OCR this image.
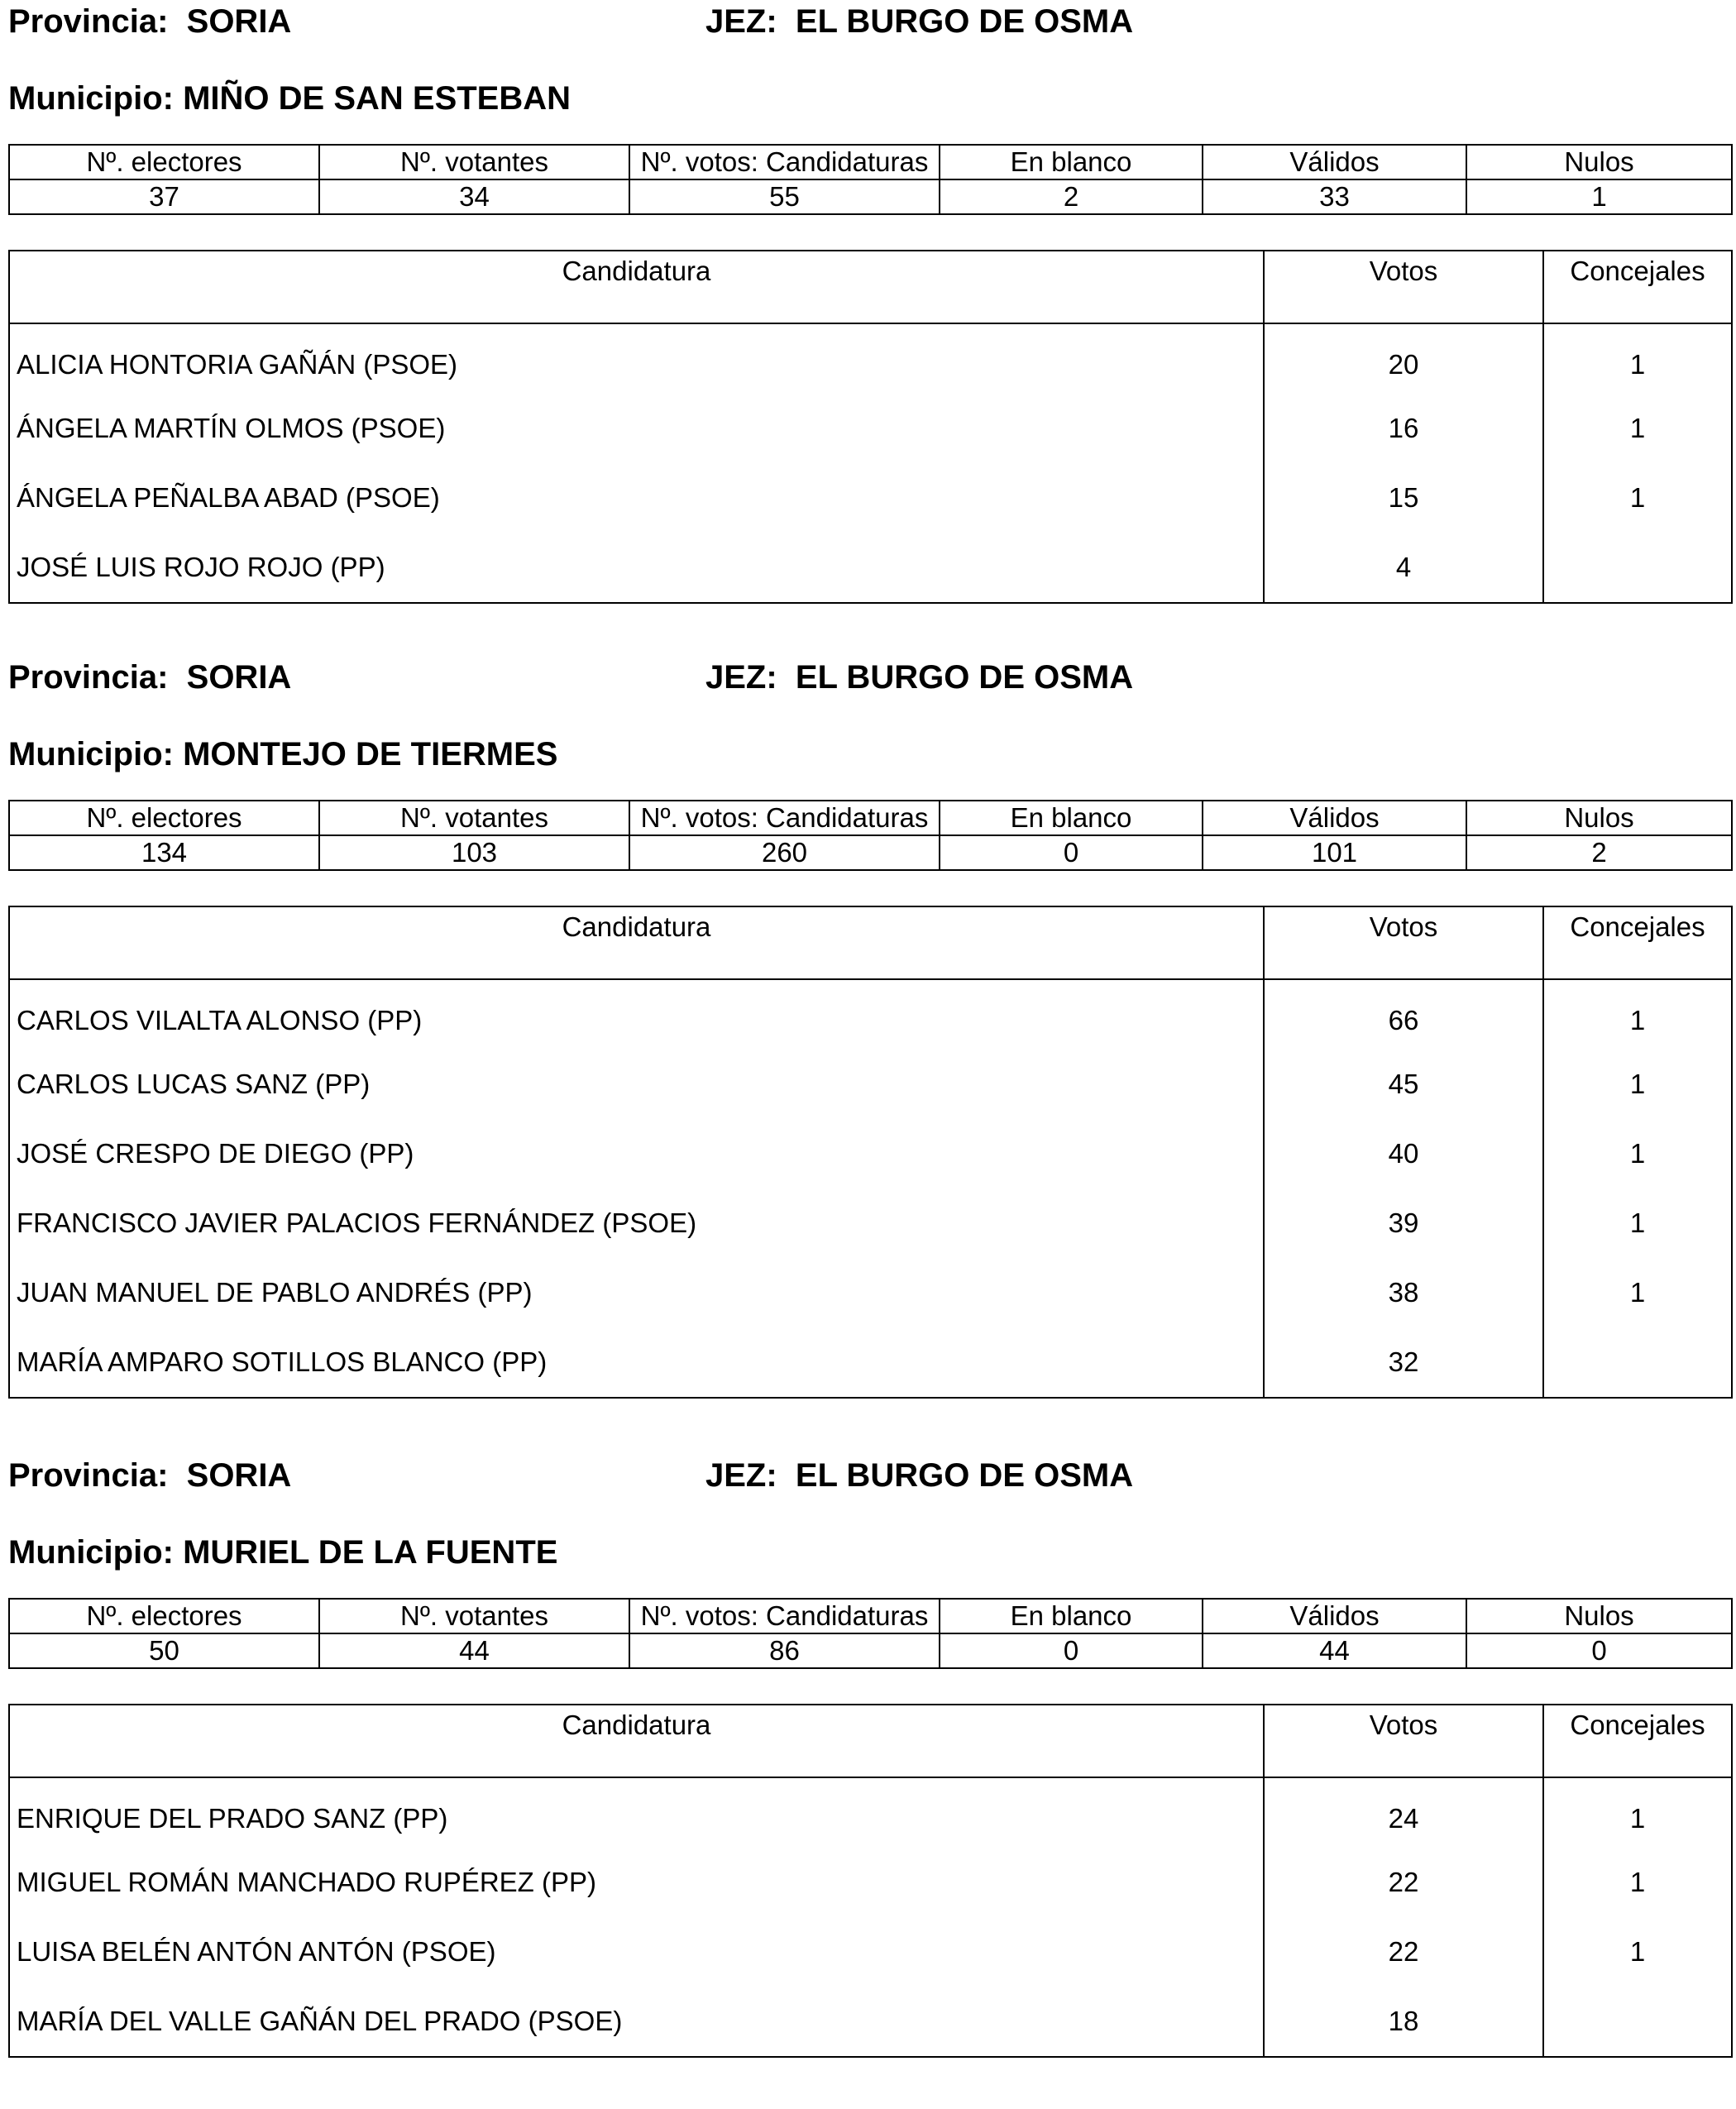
Provincia: SORIA	JEZ: EL BURGO DE OSMA
Municipio: MIÑO DE SAN ESTEBAN
Nº. electores	Nº. votantes	Nº. votos: Candidaturas	En blanco	Válidos	Nulos
37	34	55	2	33	1
Candidatura	Votos	Concejales
ALICIA HONTORIA GAÑÁN (PSOE)	20	1
ÁNGELA MARTÍN OLMOS (PSOE)	16	1
ÁNGELA PEÑALBA ABAD (PSOE)	15	1
JOSÉ LUIS ROJO ROJO (PP)	4	
Provincia: SORIA	JEZ: EL BURGO DE OSMA
Municipio: MONTEJO DE TIERMES
Nº. electores	Nº. votantes	Nº. votos: Candidaturas	En blanco	Válidos	Nulos
134	103	260	0	101	2
Candidatura	Votos	Concejales
CARLOS VILALTA ALONSO (PP)	66	1
CARLOS LUCAS SANZ (PP)	45	1
JOSÉ CRESPO DE DIEGO (PP)	40	1
FRANCISCO JAVIER PALACIOS FERNÁNDEZ (PSOE)	39	1
JUAN MANUEL DE PABLO ANDRÉS (PP)	38	1
MARÍA AMPARO SOTILLOS BLANCO (PP)	32	
Provincia: SORIA	JEZ: EL BURGO DE OSMA
Municipio: MURIEL DE LA FUENTE
Nº. electores	Nº. votantes	Nº. votos: Candidaturas	En blanco	Válidos	Nulos
50	44	86	0	44	0
Candidatura	Votos	Concejales
ENRIQUE DEL PRADO SANZ (PP)	24	1
MIGUEL ROMÁN MANCHADO RUPÉREZ (PP)	22	1
LUISA BELÉN ANTÓN ANTÓN (PSOE)	22	1
MARÍA DEL VALLE GAÑÁN DEL PRADO (PSOE)	18	
